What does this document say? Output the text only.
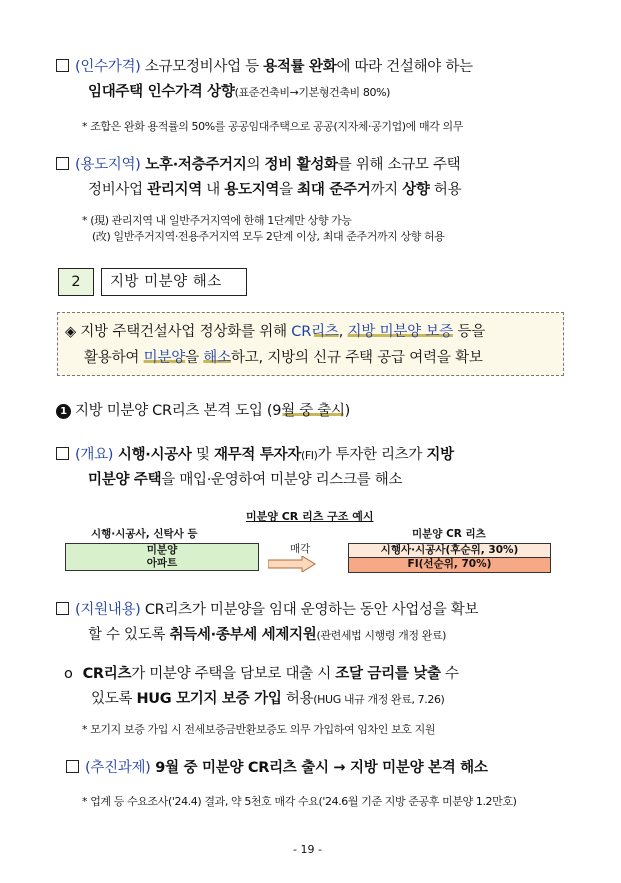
(인수가격) 소규모정비사업 등 용적률 완화에 따라 건설해야 하는
임대주택 인수가격 상향(표준건축비→기본형건축비 80%)
* 조합은 완화 용적률의 50%를 공공임대주택으로 공공(지자체·공기업)에 매각 의무
(용도지역) 노후·저층주거지의 정비 활성화를 위해 소규모 주택
정비사업 관리지역 내 용도지역을 최대 준주거까지 상향 허용
* (現) 관리지역 내 일반주거지역에 한해 1단계만 상향 가능
(改) 일반주거지역·전용주거지역 모두 2단계 이상, 최대 준주거까지 상향 허용
2	지방 미분양 해소
◈ 지방 주택건설사업 정상화를 위해 CR리츠, 지방 미분양 보증 등을
활용하여 미분양을 해소하고, 지방의 신규 주택 공급 여력을 확보
1 지방 미분양 CR리츠 본격 도입 (9월 중 출시)
(개요) 시행·시공사 및 재무적 투자자(FI)가 투자한 리츠가 지방
미분양 주택을 매입·운영하여 미분양 리스크를 해소
미분양 CR 리츠 구조 예시
시행·시공사, 신탁사 등	미분양 CR 리츠
미분양
아파트
매각	시행사·시공사(후순위, 30%)
FI(선순위, 70%)
(지원내용) CR리츠가 미분양을 임대 운영하는 동안 사업성을 확보
할 수 있도록 취득세·종부세 세제지원(관련세법 시행령 개정 완료)
o CR리츠가 미분양 주택을 담보로 대출 시 조달 금리를 낮출 수
있도록 HUG 모기지 보증 가입 허용(HUG 내규 개정 완료, 7.26)
* 모기지 보증 가입 시 전세보증금반환보증도 의무 가입하여 임차인 보호 지원
(추진과제) 9월 중 미분양 CR리츠 출시 → 지방 미분양 본격 해소
* 업계 등 수요조사('24.4) 결과, 약 5천호 매각 수요('24.6월 기준 지방 준공후 미분양 1.2만호)
- 19 -
